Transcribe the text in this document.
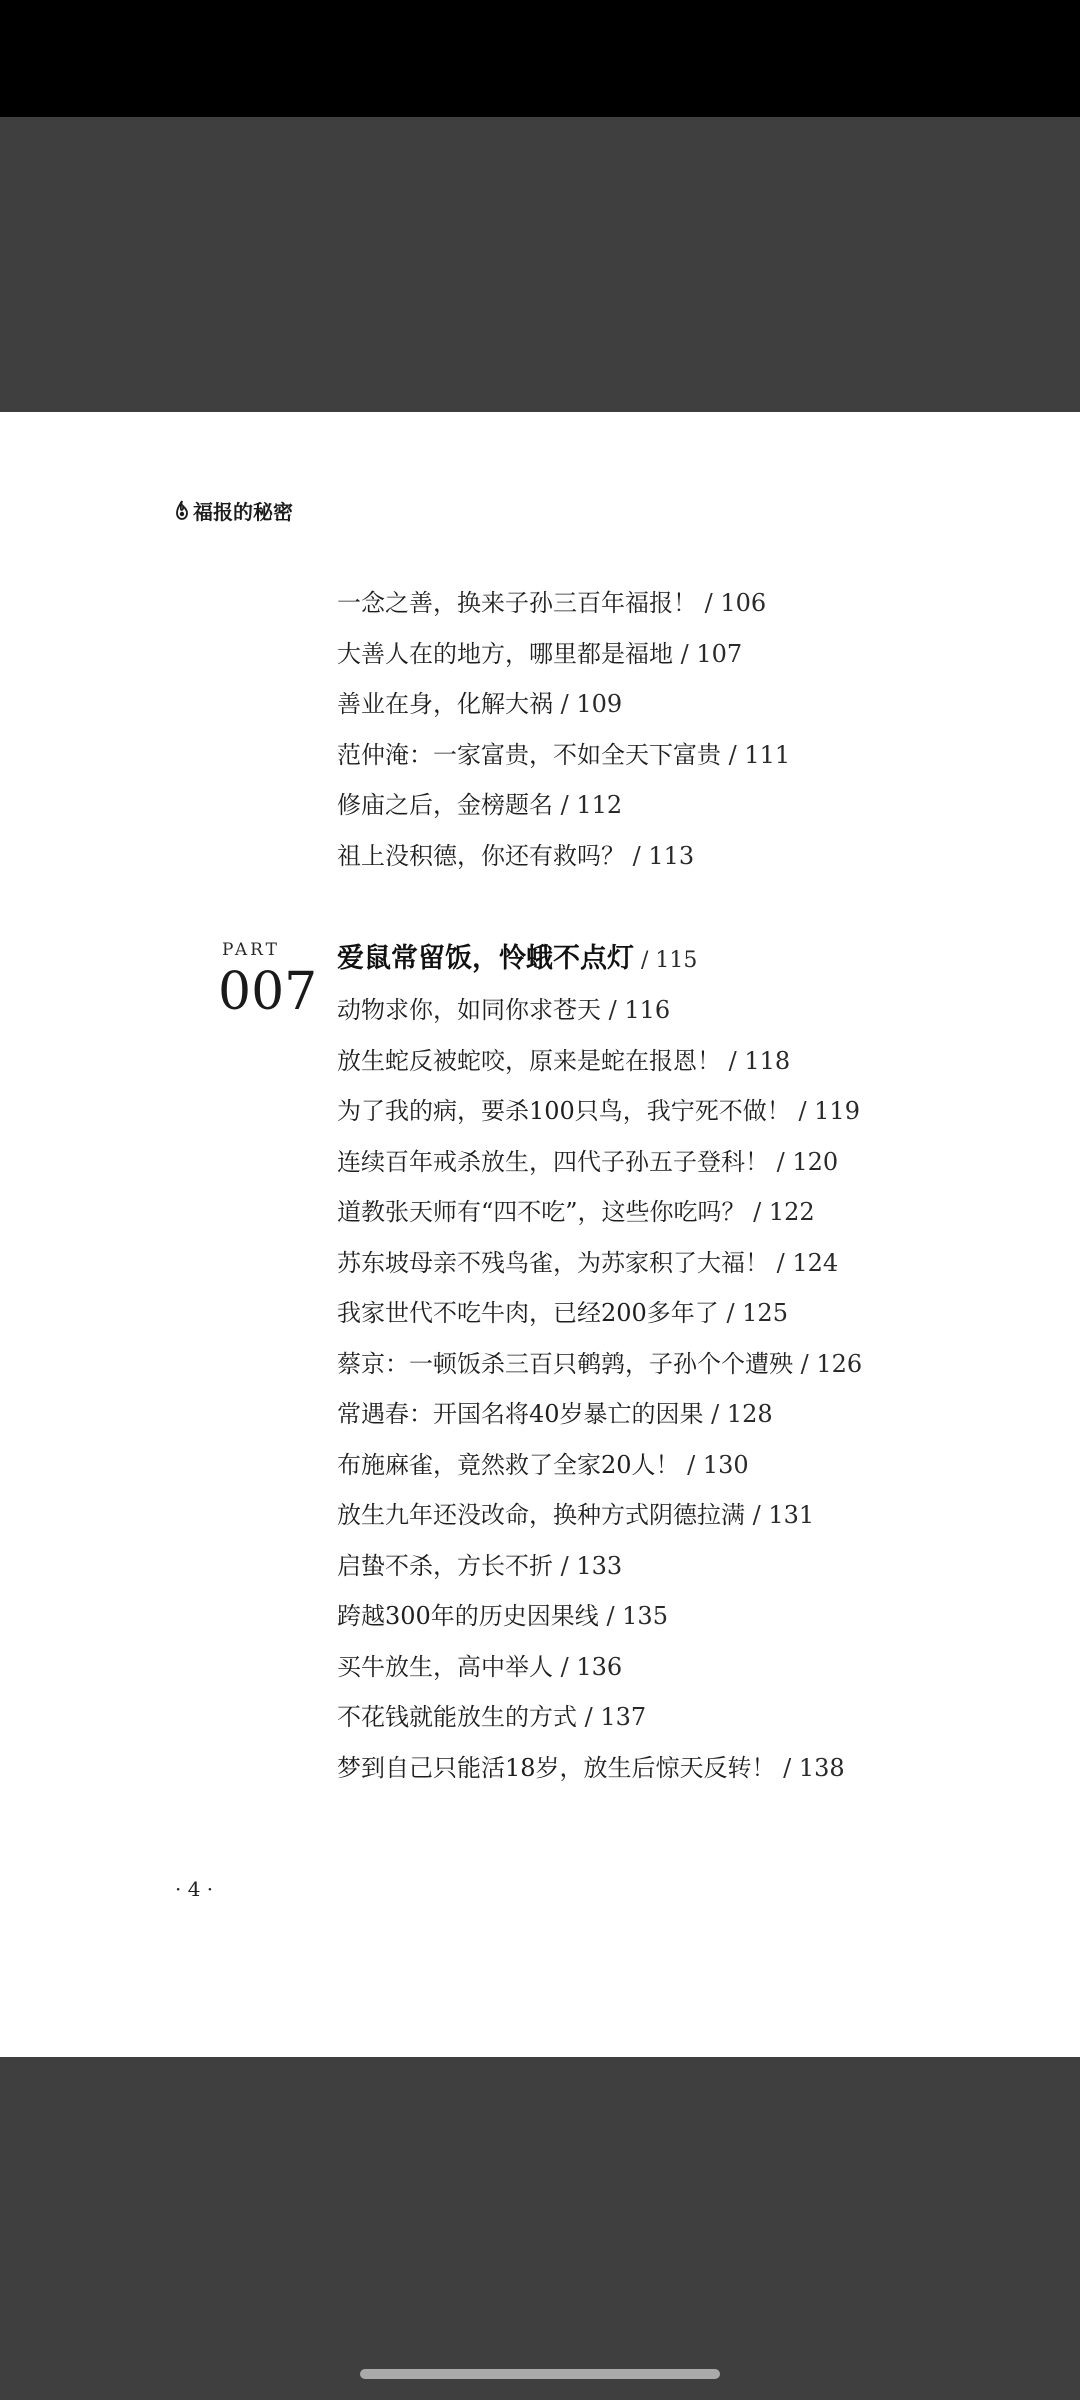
福报的秘密
一念之善，换来子孙三百年福报！ / 106
大善人在的地方，哪里都是福地 / 107
善业在身，化解大祸 / 109
范仲淹：一家富贵，不如全天下富贵 / 111
修庙之后，金榜题名 / 112
祖上没积德，你还有救吗？ / 113
PART
007
爱鼠常留饭，怜蛾不点灯 / 115
动物求你，如同你求苍天 / 116
放生蛇反被蛇咬，原来是蛇在报恩！ / 118
为了我的病，要杀100只鸟，我宁死不做！ / 119
连续百年戒杀放生，四代子孙五子登科！ / 120
道教张天师有“四不吃”，这些你吃吗？ / 122
苏东坡母亲不残鸟雀，为苏家积了大福！ / 124
我家世代不吃牛肉，已经200多年了 / 125
蔡京：一顿饭杀三百只鹌鹑，子孙个个遭殃 / 126
常遇春：开国名将40岁暴亡的因果 / 128
布施麻雀，竟然救了全家20人！ / 130
放生九年还没改命，换种方式阴德拉满 / 131
启蛰不杀，方长不折 / 133
跨越300年的历史因果线 / 135
买牛放生，高中举人 / 136
不花钱就能放生的方式 / 137
梦到自己只能活18岁，放生后惊天反转！ / 138
· 4 ·
